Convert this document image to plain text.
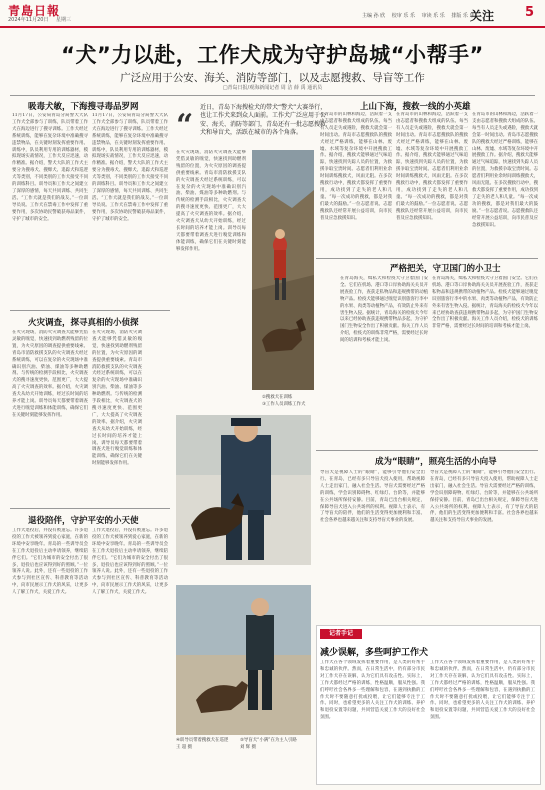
青島日報
2024年11月20日 星期三
主编 孙 欣 校审 乐 乐 审读 乐 乐 排版 乐 乐
关注 5
“犬”力以赴，工作犬成为守护岛城“小帮手”
广泛应用于公安、海关、消防等部门，以及志愿搜救、导盲等工作
□青岛日报/观海新闻记者 周 洁 薛 禹 通讯员
“
近日，青岛下海搜检犬的带犬“警犬”大赛举行，也让工作犬来到众人面前。工作犬广泛应用于公安、海关、消防等部门，青岛还有一批志愿搜救犬和导盲犬，活跃在城市的各个角落。
吸毒犬敏，下海搜寻毒品罗网
11月17日，公安局青岛分局警犬大队工作犬全部参与了训练，队员带着工作犬在海边进行了搜寻训练。工作犬经过系统训练，能够在复杂环境中准确搜寻违禁物品，在关键时刻发挥重要作用。训练中，队员利用专用的训练器材，模拟现场实战情况，工作犬反应迅速，动作精准。据介绍，警犬大队的工作犬主要分为搜毒犬、搜爆犬、追踪犬和巡逻犬等类别，不同类别的工作犬接受不同的训练科目。训导员和工作犬之间建立了深厚的感情，每天共同训练、共同生活。“工作犬就是我们的战友。”一位训导员说。工作犬在禁毒工作中发挥了重要作用，多次协助民警破获毒品案件，守护了城市的安全。
11月17日，公安局青岛分局警犬大队工作犬全部参与了训练，队员带着工作犬在海边进行了搜寻训练。工作犬经过系统训练，能够在复杂环境中准确搜寻违禁物品，在关键时刻发挥重要作用。训练中，队员利用专用的训练器材，模拟现场实战情况，工作犬反应迅速，动作精准。据介绍，警犬大队的工作犬主要分为搜毒犬、搜爆犬、追踪犬和巡逻犬等类别，不同类别的工作犬接受不同的训练科目。训导员和工作犬之间建立了深厚的感情，每天共同训练、共同生活。“工作犬就是我们的战友。”一位训导员说。工作犬在禁毒工作中发挥了重要作用，多次协助民警破获毒品案件，守护了城市的安全。
火灾调查，探寻真相的小侦探
在火灾现场，消防火灾调查犬能够凭借灵敏的嗅觉，快速找到助燃剂残留的位置，为火灾原因的调查提供重要线索。青岛市消防救援支队的火灾调查犬经过系统训练，可以在复杂的火灾现场中准确识别汽油、柴油、煤油等多种助燃剂。与传统的检测手段相比，火灾调查犬的搜寻速度更快、范围更广，大大提高了火灾调查的效率。据介绍，火灾调查犬从幼犬开始训练，经过长时间的培养才能上岗。训导员每天都要带着调查犬进行嗅觉训练和体能训练，确保它们在关键时刻能够发挥作用。
在火灾现场，消防火灾调查犬能够凭借灵敏的嗅觉，快速找到助燃剂残留的位置，为火灾原因的调查提供重要线索。青岛市消防救援支队的火灾调查犬经过系统训练，可以在复杂的火灾现场中准确识别汽油、柴油、煤油等多种助燃剂。与传统的检测手段相比，火灾调查犬的搜寻速度更快、范围更广，大大提高了火灾调查的效率。据介绍，火灾调查犬从幼犬开始训练，经过长时间的培养才能上岗。训导员每天都要带着调查犬进行嗅觉训练和体能训练，确保它们在关键时刻能够发挥作用。
退役陪伴，守护平安的小天使
工作犬退役后，并没有被遗忘。许多退役的工作犬被领养到爱心家庭，在新的环境中安享晚年。青岛的一些训导员会在工作犬退役后主动申请领养，继续陪伴它们。“它们为城市的安全付出了很多，退役后也应该得到好的照顾。”一位领养人说。此外，还有一些退役的工作犬参与到社区宣传、科普教育等活动中，向市民展示工作犬的风采，让更多人了解工作犬，关爱工作犬。
工作犬退役后，并没有被遗忘。许多退役的工作犬被领养到爱心家庭，在新的环境中安享晚年。青岛的一些训导员会在工作犬退役后主动申请领养，继续陪伴它们。“它们为城市的安全付出了很多，退役后也应该得到好的照顾。”一位领养人说。此外，还有一些退役的工作犬参与到社区宣传、科普教育等活动中，向市民展示工作犬的风采，让更多人了解工作犬，关爱工作犬。
在火灾现场，消防火灾调查犬能够凭借灵敏的嗅觉，快速找到助燃剂残留的位置，为火灾原因的调查提供重要线索。青岛市消防救援支队的火灾调查犬经过系统训练，可以在复杂的火灾现场中准确识别汽油、柴油、煤油等多种助燃剂。与传统的检测手段相比，火灾调查犬的搜寻速度更快、范围更广，大大提高了火灾调查的效率。据介绍，火灾调查犬从幼犬开始训练，经过长时间的培养才能上岗。训导员每天都要带着调查犬进行嗅觉训练和体能训练，确保它们在关键时刻能够发挥作用。
②搜救犬在训练
③工作人员训练工作犬
④训导员带着搜救犬在巡逻
王 超 摄
⑤导盲犬“小满”在为主人引路
刘 辉 摄
上山下海，搜救一线的小英雄
在青岛市的山林和海边，活跃着一支由志愿者和搜救犬组成的队伍。每当有人员走失或遇险，搜救犬就会第一时间出动。青岛市志愿搜救队的搜救犬经过严格训练，能够在山林、废墟、水域等复杂环境中开展搜救工作。据介绍，搜救犬能够通过气味追踪，快速找到失踪人员的位置，为救援争取宝贵时间。志愿者们利用业余时间训练搜救犬，风雨无阻。在多次搜救行动中，搜救犬都发挥了重要作用，成功找到了走失的老人和儿童。“每一次成功的搜救，都是对我们最大的鼓励。”一位志愿者说。志愿搜救队还经常开展公益培训，向市民普及应急救援知识。
在青岛市的山林和海边，活跃着一支由志愿者和搜救犬组成的队伍。每当有人员走失或遇险，搜救犬就会第一时间出动。青岛市志愿搜救队的搜救犬经过严格训练，能够在山林、废墟、水域等复杂环境中开展搜救工作。据介绍，搜救犬能够通过气味追踪，快速找到失踪人员的位置，为救援争取宝贵时间。志愿者们利用业余时间训练搜救犬，风雨无阻。在多次搜救行动中，搜救犬都发挥了重要作用，成功找到了走失的老人和儿童。“每一次成功的搜救，都是对我们最大的鼓励。”一位志愿者说。志愿搜救队还经常开展公益培训，向市民普及应急救援知识。
在青岛市的山林和海边，活跃着一支由志愿者和搜救犬组成的队伍。每当有人员走失或遇险，搜救犬就会第一时间出动。青岛市志愿搜救队的搜救犬经过严格训练，能够在山林、废墟、水域等复杂环境中开展搜救工作。据介绍，搜救犬能够通过气味追踪，快速找到失踪人员的位置，为救援争取宝贵时间。志愿者们利用业余时间训练搜救犬，风雨无阻。在多次搜救行动中，搜救犬都发挥了重要作用，成功找到了走失的老人和儿童。“每一次成功的搜救，都是对我们最大的鼓励。”一位志愿者说。志愿搜救队还经常开展公益培训，向市民普及应急救援知识。
严格把关，守卫国门的小卫士
在青岛海关，缉私犬和检疫犬守卫着国门安全。它们在机场、港口等口岸协助海关关员开展查验工作，查获走私物品和违规携带的动植物产品。检疫犬能够通过嗅觉识别旅客行李中的水果、肉类等动植物产品，有效防止外来有害生物入侵。据统计，青岛海关的检疫犬今年以来已经协助查获违规携带物品多起，为守护国门生物安全作出了积极贡献。海关工作人员介绍，检疫犬的训练非常严格，需要经过长时间的培训和考核才能上岗。
在青岛海关，缉私犬和检疫犬守卫着国门安全。它们在机场、港口等口岸协助海关关员开展查验工作，查获走私物品和违规携带的动植物产品。检疫犬能够通过嗅觉识别旅客行李中的水果、肉类等动植物产品，有效防止外来有害生物入侵。据统计，青岛海关的检疫犬今年以来已经协助查获违规携带物品多起，为守护国门生物安全作出了积极贡献。海关工作人员介绍，检疫犬的训练非常严格，需要经过长时间的培训和考核才能上岗。
成为“眼睛”，照亮生活的小向导
导盲犬是视障人士的“眼睛”，能够引导他们安全出行。在青岛，已经有多只导盲犬投入使用，帮助视障人士走出家门，融入社会生活。导盲犬需要经过严格的训练，学会识别障碍物、红绿灯、台阶等，并能够在公共场所保持安静。目前，青岛已出台相关规定，保障导盲犬进入公共场所的权利。视障人士表示，有了导盲犬的陪伴，他们的生活变得更加便利和丰富。社会各界也越来越关注和支持导盲犬事业的发展。
导盲犬是视障人士的“眼睛”，能够引导他们安全出行。在青岛，已经有多只导盲犬投入使用，帮助视障人士走出家门，融入社会生活。导盲犬需要经过严格的训练，学会识别障碍物、红绿灯、台阶等，并能够在公共场所保持安静。目前，青岛已出台相关规定，保障导盲犬进入公共场所的权利。视障人士表示，有了导盲犬的陪伴，他们的生活变得更加便利和丰富。社会各界也越来越关注和支持导盲犬事业的发展。
记者手记
减少误解，多些呵护工作犬
工作犬在各个领域发挥着重要作用，是人类的好帮手和忠诚的伙伴。然而，在日常生活中，仍有部分市民对工作犬存在误解，认为它们具有攻击性。实际上，工作犬都经过严格的训练，性格温顺，服从性强。我们呼吁社会各界多一些理解和包容，在遇到执勤的工作犬时不要随意打扰或投喂，让它们能够专注于工作。同时，也希望更多的人关注工作犬的训练、养护和退役安置等问题，共同营造关爱工作犬的良好社会氛围。
工作犬在各个领域发挥着重要作用，是人类的好帮手和忠诚的伙伴。然而，在日常生活中，仍有部分市民对工作犬存在误解，认为它们具有攻击性。实际上，工作犬都经过严格的训练，性格温顺，服从性强。我们呼吁社会各界多一些理解和包容，在遇到执勤的工作犬时不要随意打扰或投喂，让它们能够专注于工作。同时，也希望更多的人关注工作犬的训练、养护和退役安置等问题，共同营造关爱工作犬的良好社会氛围。
